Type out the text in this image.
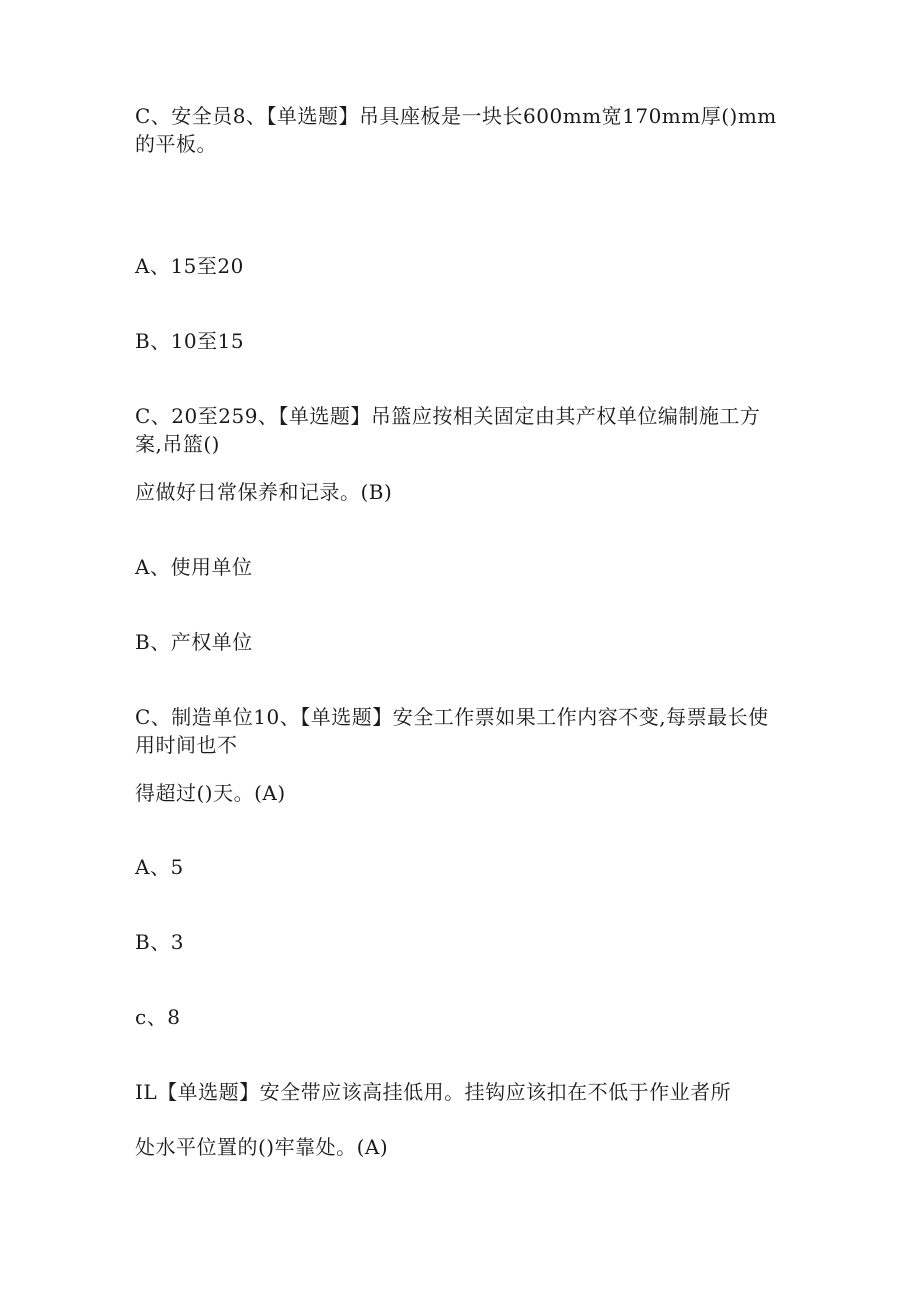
C、安全员8、【单选题】吊具座板是一块长600mm宽170mm厚()mm的平板。

A、15至20

B、10至15

C、20至259、【单选题】吊篮应按相关固定由其产权单位编制施工方案,吊篮()

应做好日常保养和记录。(B)

A、使用单位

B、产权单位

C、制造单位10、【单选题】安全工作票如果工作内容不变,每票最长使用时间也不

得超过()天。(A)

A、5

B、3

c、8

IL【单选题】安全带应该高挂低用。挂钩应该扣在不低于作业者所

处水平位置的()牢靠处。(A)
